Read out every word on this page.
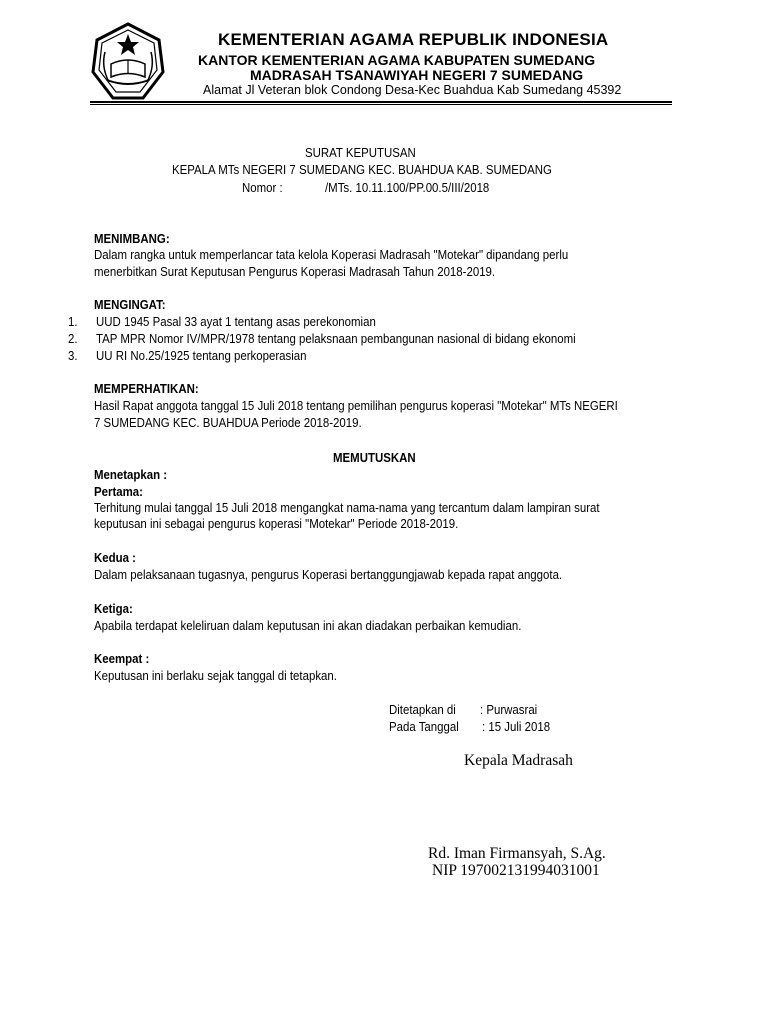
KEMENTERIAN AGAMA REPUBLIK INDONESIA
KANTOR KEMENTERIAN AGAMA KABUPATEN SUMEDANG
MADRASAH TSANAWIYAH NEGERI 7 SUMEDANG
Alamat Jl Veteran blok Condong Desa-Kec Buahdua Kab Sumedang 45392
SURAT KEPUTUSAN
KEPALA MTs NEGERI 7 SUMEDANG KEC. BUAHDUA KAB. SUMEDANG
Nomor :	/MTs. 10.11.100/PP.00.5/III/2018
MENIMBANG:
Dalam rangka untuk memperlancar tata kelola Koperasi Madrasah "Motekar" dipandang perlu
menerbitkan Surat Keputusan Pengurus Koperasi Madrasah Tahun 2018-2019.
MENGINGAT:
1. UUD 1945 Pasal 33 ayat 1 tentang asas perekonomian
2. TAP MPR Nomor IV/MPR/1978 tentang pelaksnaan pembangunan nasional di bidang ekonomi
3. UU RI No.25/1925 tentang perkoperasian
MEMPERHATIKAN:
Hasil Rapat anggota tanggal 15 Juli 2018 tentang pemilihan pengurus koperasi "Motekar" MTs NEGERI
7 SUMEDANG KEC. BUAHDUA Periode 2018-2019.
MEMUTUSKAN
Menetapkan :
Pertama:
Terhitung mulai tanggal 15 Juli 2018 mengangkat nama-nama yang tercantum dalam lampiran surat
keputusan ini sebagai pengurus koperasi "Motekar" Periode 2018-2019.
Kedua :
Dalam pelaksanaan tugasnya, pengurus Koperasi bertanggungjawab kepada rapat anggota.
Ketiga:
Apabila terdapat keleliruan dalam keputusan ini akan diadakan perbaikan kemudian.
Keempat :
Keputusan ini berlaku sejak tanggal di tetapkan.
Ditetapkan di : Purwasrai
Pada Tanggal : 15 Juli 2018
Kepala Madrasah
Rd. Iman Firmansyah, S.Ag.
NIP 197002131994031001
